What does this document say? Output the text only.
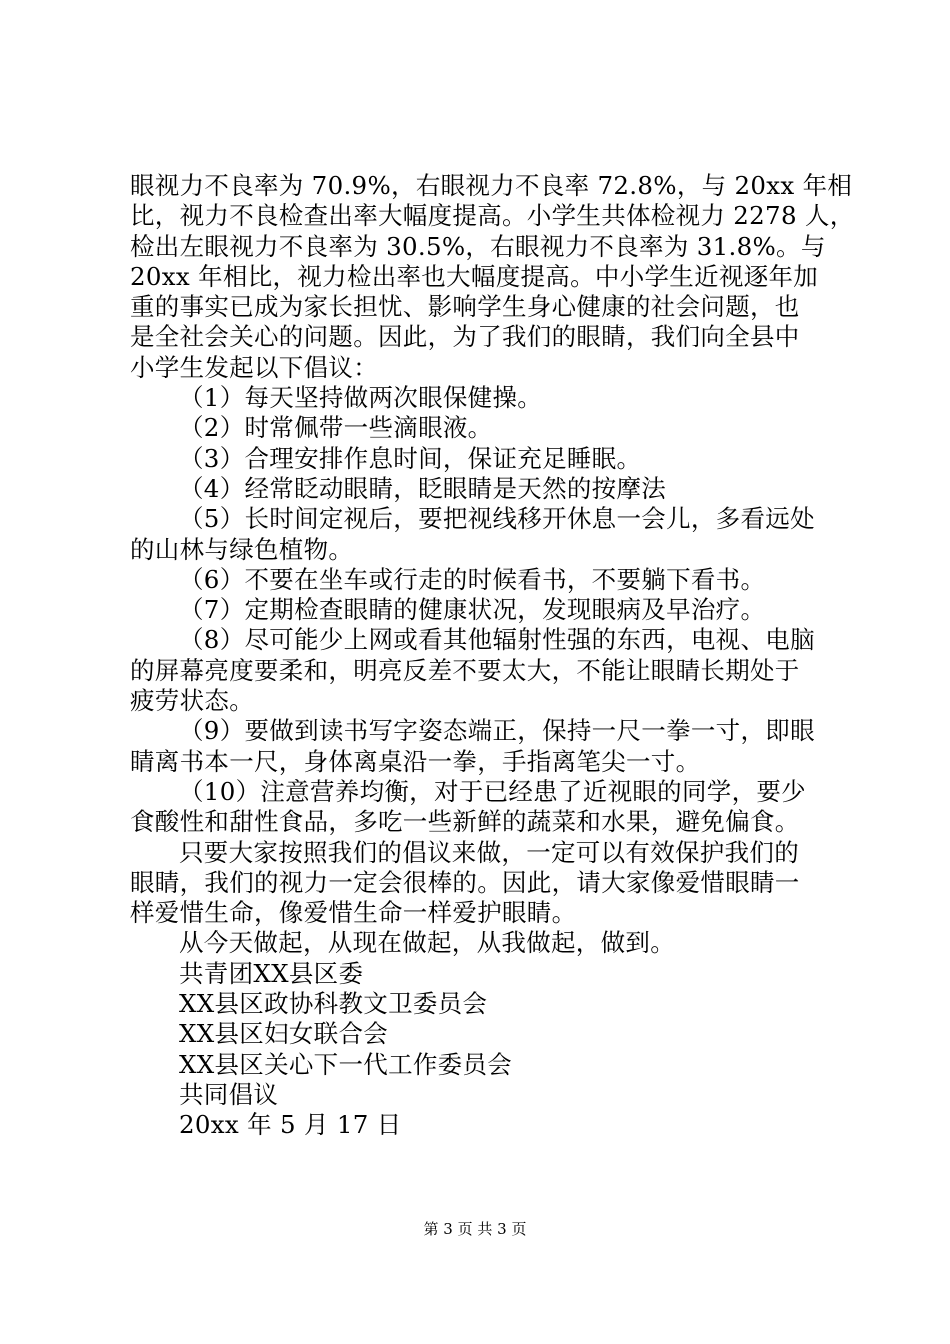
眼视力不良率为 70.9%，右眼视力不良率 72.8%，与 20xx 年相
比，视力不良检查出率大幅度提高。小学生共体检视力 2278 人，
检出左眼视力不良率为 30.5%，右眼视力不良率为 31.8%。与
20xx 年相比，视力检出率也大幅度提高。中小学生近视逐年加
重的事实已成为家长担忧、影响学生身心健康的社会问题，也
是全社会关心的问题。因此，为了我们的眼睛，我们向全县中
小学生发起以下倡议：
（1）每天坚持做两次眼保健操。
（2）时常佩带一些滴眼液。
（3）合理安排作息时间，保证充足睡眠。
（4）经常眨动眼睛，眨眼睛是天然的按摩法
（5）长时间定视后，要把视线移开休息一会儿，多看远处
的山林与绿色植物。
（6）不要在坐车或行走的时候看书，不要躺下看书。
（7）定期检查眼睛的健康状况，发现眼病及早治疗。
（8）尽可能少上网或看其他辐射性强的东西，电视、电脑
的屏幕亮度要柔和，明亮反差不要太大，不能让眼睛长期处于
疲劳状态。
（9）要做到读书写字姿态端正，保持一尺一拳一寸，即眼
睛离书本一尺，身体离桌沿一拳，手指离笔尖一寸。
（10）注意营养均衡，对于已经患了近视眼的同学，要少
食酸性和甜性食品，多吃一些新鲜的蔬菜和水果，避免偏食。
只要大家按照我们的倡议来做，一定可以有效保护我们的
眼睛，我们的视力一定会很棒的。因此，请大家像爱惜眼睛一
样爱惜生命，像爱惜生命一样爱护眼睛。
从今天做起，从现在做起，从我做起，做到。
共青团XX县区委
XX县区政协科教文卫委员会
XX县区妇女联合会
XX县区关心下一代工作委员会
共同倡议
20xx 年 5 月 17 日
第 3 页 共 3 页
